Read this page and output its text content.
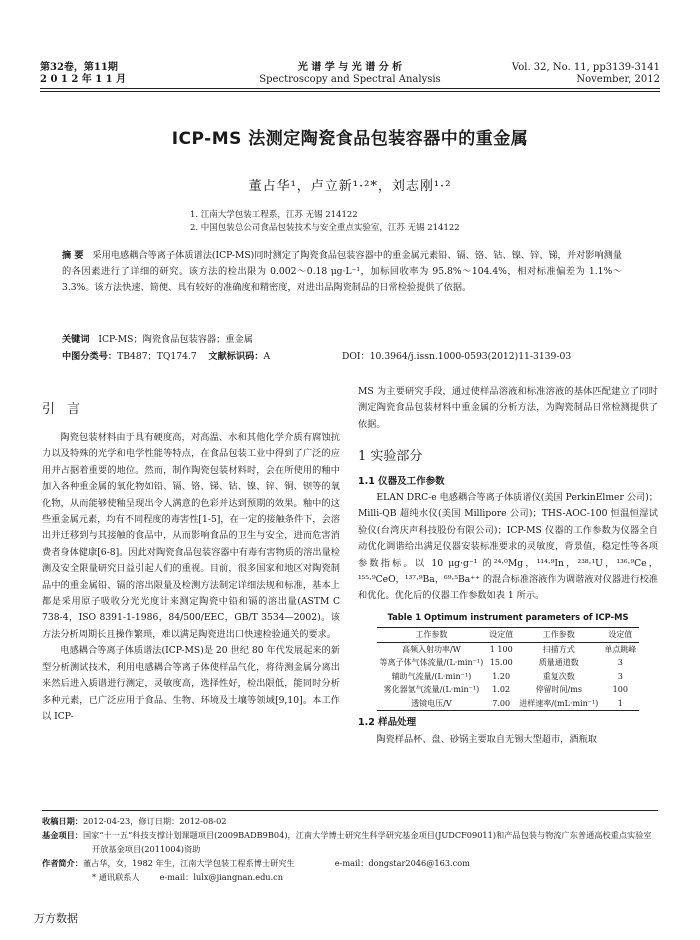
第32卷，第11期
2 0 1 2 年 1 1 月
光 谱 学 与 光 谱 分 析
Spectroscopy and Spectral Analysis
Vol. 32, No. 11, pp3139-3141
November, 2012
ICP-MS 法测定陶瓷食品包装容器中的重金属
董占华¹，卢立新¹·²*，刘志刚¹·²
1. 江南大学包装工程系，江苏 无锡 214122
2. 中国包装总公司食品包装技术与安全重点实验室，江苏 无锡 214122
摘 要 采用电感耦合等离子体质谱法(ICP-MS)同时测定了陶瓷食品包装容器中的重金属元素铅、镉、铬、钴、镍、锌、锑，并对影响测量的各因素进行了详细的研究。该方法的检出限为 0.002～0.18 μg·L⁻¹，加标回收率为 95.8%～104.4%，相对标准偏差为 1.1%～3.3%。该方法快速、简便、具有较好的准确度和精密度，对进出品陶瓷制品的日常检验提供了依据。
关键词 ICP-MS；陶瓷食品包装容器；重金属
中图分类号：TB487；TQ174.7 文献标识码：A	DOI：10.3964/j.issn.1000-0593(2012)11-3139-03
引 言

陶瓷包装材料由于具有硬度高，对高温、水和其他化学介质有腐蚀抗力以及特殊的光学和电学性能等特点，在食品包装工业中得到了广泛的应用并占据着重要的地位。然而，制作陶瓷包装材料时，会在所使用的釉中加入各种重金属的氧化物如铅、镉、铬、锑、钴、镍、锌、铜、钡等的氧化物，从而能够使釉呈现出令人满意的色彩并达到预期的效果。釉中的这些重金属元素，均有不同程度的毒害性[1-5]，在一定的接触条件下，会溶出并迁移到与其接触的食品中，从而影响食品的卫生与安全，进而危害消费者身体健康[6-8]。因此对陶瓷食品包装容器中有毒有害物质的溶出量检测及安全限量研究日益引起人们的重视。目前，很多国家和地区对陶瓷制品中的重金属铅、镉的溶出限量及检测方法制定详细法规和标准，基本上都是采用原子吸收分光光度计来测定陶瓷中铅和镉的溶出量(ASTM C 738-4，ISO 8391-1-1986，84/500/EEC，GB/T 3534—2002)。该方法分析周期长且操作繁琐，难以满足陶瓷进出口快速检验通关的要求。

电感耦合等离子体质谱法(ICP-MS)是 20 世纪 80 年代发展起来的新型分析测试技术，利用电感耦合等离子体使样品气化，将待测金属分离出来然后进入质谱进行测定，灵敏度高，选择性好，检出限低，能同时分析多种元素，已广泛应用于食品、生物、环境及土壤等领域[9,10]。本工作以 ICP-

MS 为主要研究手段，通过使样品溶液和标准溶液的基体匹配建立了同时测定陶瓷食品包装材料中重金属的分析方法，为陶瓷制品日常检测提供了依据。
1 实验部分
1.1 仪器及工作参数

ELAN DRC-e 电感耦合等离子体质谱仪(美国 PerkinElmer 公司)；Milli-QB 超纯水仪(美国 Millipore 公司)；THS-AOC-100 恒温恒湿试验仪(台湾庆声科技股份有限公司)；ICP-MS 仪器的工作参数为仪器全自动优化调谐给出满足仪器安装标准要求的灵敏度，背景值，稳定性等各项参数指标。以 10 μg·g⁻¹ 的²⁴·⁰Mg，¹¹⁴·⁹In，²³⁸·¹U，¹³⁶·⁹Ce，¹⁵⁵·⁹CeO，¹³⁷·⁹Ba，⁶⁹·⁵Ba⁺⁺ 的混合标准溶液作为调谐液对仪器进行校准和优化。优化后的仪器工作参数如表 1 所示。

Table 1 Optimum instrument parameters of ICP-MS
工作参数	设定值	工作参数	设定值
高频入射功率/W	1 100	扫描方式	单点跳峰
等离子体气体流量/(L·min⁻¹)	15.00	质量通道数	3
辅助气流量/(L·min⁻¹)	1.20	重复次数	3
雾化器氩气流量/(L·min⁻¹)	1.02	停留时间/ms	100
透镜电压/V	7.00	进样速率/(mL·min⁻¹)	1
1.2 样品处理

陶瓷样品杯、盘、砂锅主要取自无锡大型超市，酒瓶取

收稿日期：2012-04-23，修订日期：2012-08-02
基金项目：国家“十一五”科技支撑计划课题项目(2009BADB9B04)，江南大学博士研究生科学研究基金项目(JUDCF09011)和产品包装与物流广东普通高校重点实验室开放基金项目(2011004)资助
作者简介：董占华，女，1982 年生，江南大学包装工程系博士研究生	e-mail：dongstar2046@163.com
* 通讯联系人 e-mail：lulx@jiangnan.edu.cn
万方数据
